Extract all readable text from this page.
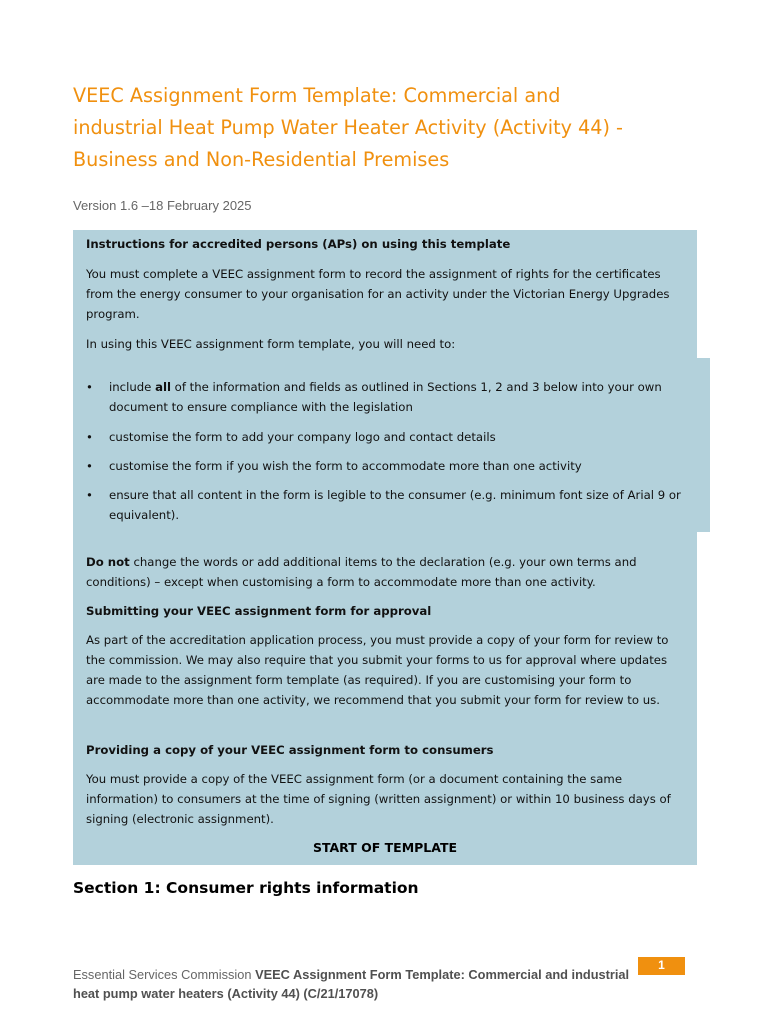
VEEC Assignment Form Template: Commercial and industrial Heat Pump Water Heater Activity (Activity 44) - Business and Non-Residential Premises
Version 1.6 –18 February 2025
Instructions for accredited persons (APs) on using this template

You must complete a VEEC assignment form to record the assignment of rights for the certificates from the energy consumer to your organisation for an activity under the Victorian Energy Upgrades program.

In using this VEEC assignment form template, you will need to:

• include all of the information and fields as outlined in Sections 1, 2 and 3 below into your own document to ensure compliance with the legislation
• customise the form to add your company logo and contact details
• customise the form if you wish the form to accommodate more than one activity
• ensure that all content in the form is legible to the consumer (e.g. minimum font size of Arial 9 or equivalent).

Do not change the words or add additional items to the declaration (e.g. your own terms and conditions) – except when customising a form to accommodate more than one activity.

Submitting your VEEC assignment form for approval

As part of the accreditation application process, you must provide a copy of your form for review to the commission. We may also require that you submit your forms to us for approval where updates are made to the assignment form template (as required). If you are customising your form to accommodate more than one activity, we recommend that you submit your form for review to us.

Providing a copy of your VEEC assignment form to consumers

You must provide a copy of the VEEC assignment form (or a document containing the same information) to consumers at the time of signing (written assignment) or within 10 business days of signing (electronic assignment).

START OF TEMPLATE
Section 1: Consumer rights information
Essential Services Commission VEEC Assignment Form Template: Commercial and industrial heat pump water heaters (Activity 44) (C/21/17078)
1
